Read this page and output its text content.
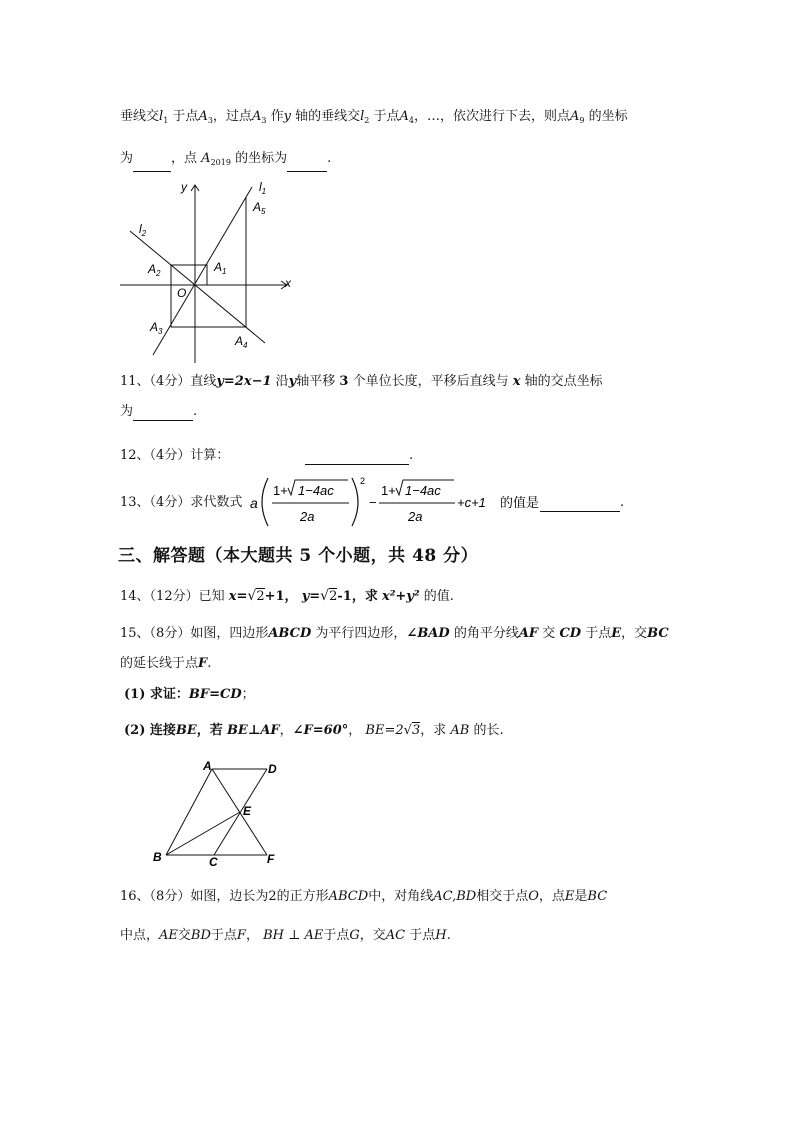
垂线交$l_1$ 于点$A_3$，过点$A_3$ 作y 轴的垂线交$l_2$ 于点$A_4$，…，依次进行下去，则点$A_9$ 的坐标
为	，点 $A_{2019}$ 的坐标为	.
y
x
$l_1$
$l_2$
O
$A_1$
$A_2$
$A_3$
$A_4$
$A_5$
11、（4分）直线y=2x−1 沿y轴平移 3 个单位长度，平移后直线与 x 轴的交点坐标
为	.
12、（4分）计算：	.
13、（4分）求代数式 a
1+ 1−4ac
2a
2
−
1+ 1−4ac
2a
+c+1 的值是	.
三、解答题（本大题共 5 个小题，共 48 分）
14、（12分）已知 x=√2+1， y=√2-1，求 x²+y² 的值.
15、（8分）如图，四边形ABCD 为平行四边形，∠BAD 的角平分线AF 交 CD 于点E，交BC
的延长线于点F.
(1) 求证：BF=CD；
(2) 连接BE，若 BE⊥AF，∠F=60°， BE=2√3，求 AB 的长.
A	D
E
B	C	F
16、（8分）如图，边长为2的正方形ABCD中，对角线AC,BD相交于点O，点E是BC
中点，AE交BD于点F， BH ⊥ AE于点G，交AC 于点H.
